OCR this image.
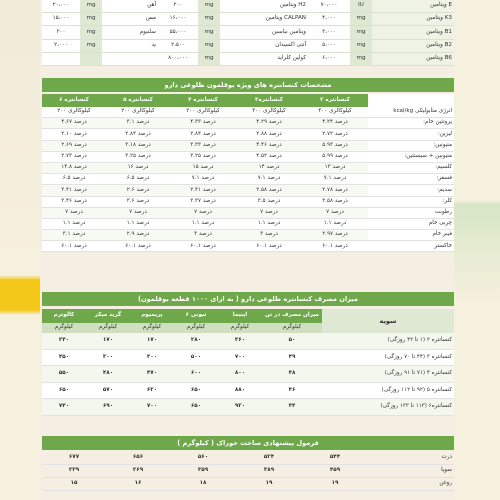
۲۰،۰۰۰	mg	آهن	۲۰۰	mg	ویتامین H2	۷۰،۰۰۰	IU	ویتامین E
۱۵،۰۰۰	mg	مس	۱۶،۰۰۰	mg	ویتامین CALPAN	۴،۰۰۰	mg	ویتامین K3
۳۰۰	mg	سلنیوم	۵۵،۰۰۰	mg	ویتامین نیاسین	۳،۰۰۰	mg	ویتامین B1
۲،۰۰۰	mg	ید	۲،۵۰۰	mg	آنتی اکسیدان	۵،۰۰۰	mg	ویتامین B2
			۸۰۰،۰۰۰	mg	کولین کلراید	۶،۰۰۰	mg	ویتامین B6
مشخصات کنسانتره های ویژه بوقلمون طلوعی دارو
کنسانتره ۶	کنسانتره ۵	کنسانتره ۴	کنسانتره۳	کنسانتره ۲	
۲۰۰ کیلوکالری	۲۰۰ کیلوکالری	۳۰۰ کیلوکالری	۳۰۰ کیلوکالری	۴۰۰ کیلوکالری	انرژی متابولیکی kcal/kg
۴.۶۷ درصد	۳.۱ درصد	۴.۳۳ درصد	۴.۲۹ درصد	۴.۲۴ درصد	پروتئین خام:
۲.۱۰ درصد	۲.۸۴ درصد	۲.۸۴ درصد	۲.۸۸ درصد	۲.۷۲ درصد	لیزین:
۲.۶۹ درصد	۳.۱۸ درصد	۳.۳۳ درصد	۴.۴۶ درصد	۵.۹۳ درصد	متیونین:
۲.۷۳ درصد	۳.۲۵ درصد	۳.۲۵ درصد	۴.۵۲ درصد	۵.۹۹ درصد	متیونین + سیستئین:
۱۴.۸ درصد	۱۶ درصد	۱۵ درصد	۱۴ درصد	۱۳ درصد	کلسیم:
۶.۵ درصد	۶.۵ درصد	۷.۱ درصد	۷.۱ درصد	۷.۱ درصد	فسفر:
۲.۴۱ درصد	۲.۶ درصد	۲.۴۱ درصد	۲.۵۸ درصد	۲.۷۸ درصد	سدیم:
۳.۴۶ درصد	۳.۶ درصد	۳.۳۷ درصد	۳.۵ درصد	۳.۵۸ درصد	کلر:
۷ درصد	۷ درصد	۷ درصد	۷ درصد	۷ درصد	رطوبت
۱.۱ درصد	۱.۱ درصد	۱.۱ درصد	۱.۱ درصد	۱.۱ درصد	چربی خام
۳.۱ درصد	۲.۹ درصد	۳ درصد	۳ درصد	۲.۹۷ درصد	فیبر خام
۶۰.۱ درصد	۶۰.۱ درصد	۶۰.۱ درصد	۶۰.۱ درصد	۶۰.۱ درصد	خاکستر
میزان مصرف کنسانتره طلوعی دارو ( به ازای ۱۰۰۰ قطعه بوقلمون)
کالوترم	گرید میکز	پریمیوم	تیونی ۶	اپتیما	میزان مصرف در تن	سویه
کیلوگرم	کیلوگرم	کیلوگرم	کیلوگرم	کیلوگرم	کیلوگرم	
۲۴۰	۱۷۰	۱۷۰	۲۸۰	۳۶۰	۵۰	کنسانتره ۲ (۱ تا ۴۲ روزگی)
۴۵۰	۳۰۰	۳۰۰	۵۰۰	۷۰۰	۴۹	کنسانتره ۳ (۴۴ تا ۷۰ روزگی)
۵۵۰	۴۸۰	۴۷۰	۶۰۰	۸۰۰	۴۸	کنسانتره ۴ (۷۱ تا ۹۱ روزگی)
۶۵۰	۵۷۰	۶۲۰	۶۵۰	۸۸۰	۴۶	کنسانتره ۵ (۹۲ تا ۱۱۲ روزگی)
۷۴۰	۶۹۰	۷۰۰	۶۵۰	۹۲۰	۴۴	کنسانتره۶ (۱۱۳ تا ۱۳۳ روزگی)
فرمول پیشنهادی ساخت خوراک ( کیلوگرم )
۶۷۷	۶۵۶	۵۶۰	۵۲۴	۵۴۴	ذرت
۲۳۹	۲۶۹	۳۵۹	۳۸۹	۴۵۹	سویا
۱۵	۱۶	۱۸	۱۹	۱۹	روغن
